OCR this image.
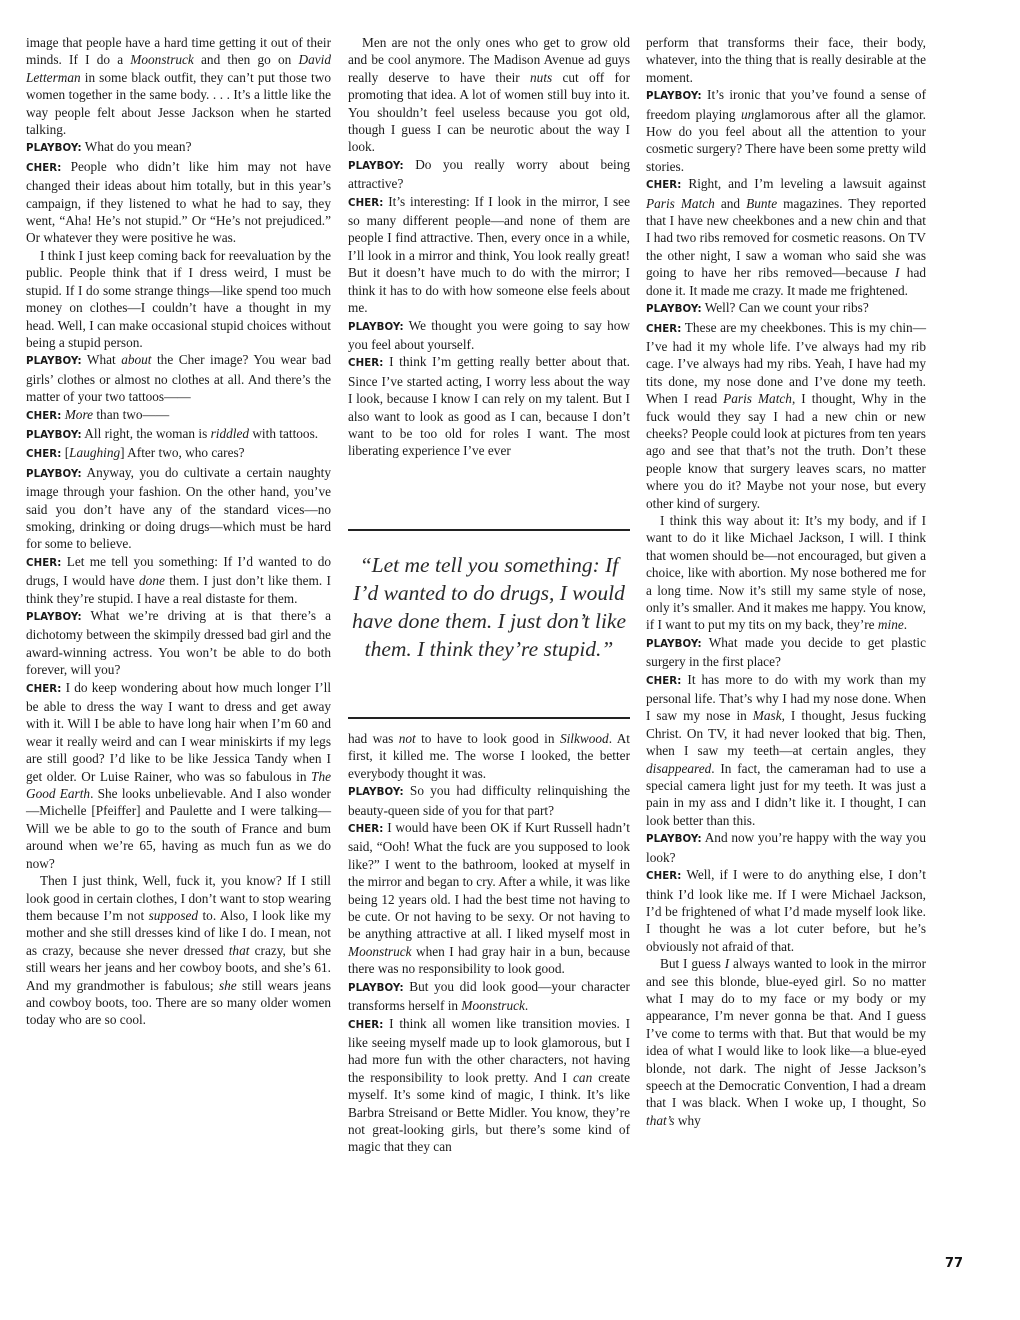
image that people have a hard time getting it out of their minds. If I do a Moonstruck and then go on David Letterman in some black outfit, they can’t put those two women together in the same body. . . . It’s a little like the way people felt about Jesse Jackson when he started talking.

PLAYBOY: What do you mean?

CHER: People who didn’t like him may not have changed their ideas about him totally, but in this year’s campaign, if they listened to what he had to say, they went, “Aha! He’s not stupid.” Or “He’s not prejudiced.” Or whatever they were positive he was.

I think I just keep coming back for reevaluation by the public. People think that if I dress weird, I must be stupid. If I do some strange things—like spend too much money on clothes—I couldn’t have a thought in my head. Well, I can make occasional stupid choices without being a stupid person.

PLAYBOY: What about the Cher image? You wear bad girls’ clothes or almost no clothes at all. And there’s the matter of your two tattoos——

CHER: More than two——

PLAYBOY: All right, the woman is riddled with tattoos.

CHER: [Laughing] After two, who cares?

PLAYBOY: Anyway, you do cultivate a certain naughty image through your fashion. On the other hand, you’ve said you don’t have any of the standard vices—no smoking, drinking or doing drugs—which must be hard for some to believe.

CHER: Let me tell you something: If I’d wanted to do drugs, I would have done them. I just don’t like them. I think they’re stupid. I have a real distaste for them.

PLAYBOY: What we’re driving at is that there’s a dichotomy between the skimpily dressed bad girl and the award-winning actress. You won’t be able to do both forever, will you?

CHER: I do keep wondering about how much longer I’ll be able to dress the way I want to dress and get away with it. Will I be able to have long hair when I’m 60 and wear it really weird and can I wear miniskirts if my legs are still good? I’d like to be like Jessica Tandy when I get older. Or Luise Rainer, who was so fabulous in The Good Earth. She looks unbelievable. And I also wonder—Michelle [Pfeiffer] and Paulette and I were talking—Will we be able to go to the south of France and bum around when we’re 65, having as much fun as we do now?

Then I just think, Well, fuck it, you know? If I still look good in certain clothes, I don’t want to stop wearing them because I’m not supposed to. Also, I look like my mother and she still dresses kind of like I do. I mean, not as crazy, because she never dressed that crazy, but she still wears her jeans and her cowboy boots, and she’s 61. And my grandmother is fabulous; she still wears jeans and cowboy boots, too. There are so many older women today who are so cool.

Men are not the only ones who get to grow old and be cool anymore. The Madison Avenue ad guys really deserve to have their nuts cut off for promoting that idea. A lot of women still buy into it. You shouldn’t feel useless because you got old, though I guess I can be neurotic about the way I look.

PLAYBOY: Do you really worry about being attractive?

CHER: It’s interesting: If I look in the mirror, I see so many different people—and none of them are people I find attractive. Then, every once in a while, I’ll look in a mirror and think, You look really great! But it doesn’t have much to do with the mirror; I think it has to do with how someone else feels about me.

PLAYBOY: We thought you were going to say how you feel about yourself.

CHER: I think I’m getting really better about that. Since I’ve started acting, I worry less about the way I look, because I know I can rely on my talent. But I also want to look as good as I can, because I don’t want to be too old for roles I want. The most liberating experience I’ve ever

“Let me tell you something: If I’d wanted to do drugs, I would have done them. I just don’t like them. I think they’re stupid.”

had was not to have to look good in Silkwood. At first, it killed me. The worse I looked, the better everybody thought it was.

PLAYBOY: So you had difficulty relinquishing the beauty-queen side of you for that part?

CHER: I would have been OK if Kurt Russell hadn’t said, “Ooh! What the fuck are you supposed to look like?” I went to the bathroom, looked at myself in the mirror and began to cry. After a while, it was like being 12 years old. I had the best time not having to be cute. Or not having to be sexy. Or not having to be anything attractive at all. I liked myself most in Moonstruck when I had gray hair in a bun, because there was no responsibility to look good.

PLAYBOY: But you did look good—your character transforms herself in Moonstruck.

CHER: I think all women like transition movies. I like seeing myself made up to look glamorous, but I had more fun with the other characters, not having the responsibility to look pretty. And I can create myself. It’s some kind of magic, I think. It’s like Barbra Streisand or Bette Midler. You know, they’re not great-looking girls, but there’s some kind of magic that they can

perform that transforms their face, their body, whatever, into the thing that is really desirable at the moment.

PLAYBOY: It’s ironic that you’ve found a sense of freedom playing unglamorous after all the glamor. How do you feel about all the attention to your cosmetic surgery? There have been some pretty wild stories.

CHER: Right, and I’m leveling a lawsuit against Paris Match and Bunte magazines. They reported that I have new cheekbones and a new chin and that I had two ribs removed for cosmetic reasons. On TV the other night, I saw a woman who said she was going to have her ribs removed—because I had done it. It made me crazy. It made me frightened.

PLAYBOY: Well? Can we count your ribs?

CHER: These are my cheekbones. This is my chin—I’ve had it my whole life. I’ve always had my rib cage. I’ve always had my ribs. Yeah, I have had my tits done, my nose done and I’ve done my teeth. When I read Paris Match, I thought, Why in the fuck would they say I had a new chin or new cheeks? People could look at pictures from ten years ago and see that that’s not the truth. Don’t these people know that surgery leaves scars, no matter where you do it? Maybe not your nose, but every other kind of surgery.

I think this way about it: It’s my body, and if I want to do it like Michael Jackson, I will. I think that women should be—not encouraged, but given a choice, like with abortion. My nose bothered me for a long time. Now it’s still my same style of nose, only it’s smaller. And it makes me happy. You know, if I want to put my tits on my back, they’re mine.

PLAYBOY: What made you decide to get plastic surgery in the first place?

CHER: It has more to do with my work than my personal life. That’s why I had my nose done. When I saw my nose in Mask, I thought, Jesus fucking Christ. On TV, it had never looked that big. Then, when I saw my teeth—at certain angles, they disappeared. In fact, the cameraman had to use a special camera light just for my teeth. It was just a pain in my ass and I didn’t like it. I thought, I can look better than this.

PLAYBOY: And now you’re happy with the way you look?

CHER: Well, if I were to do anything else, I don’t think I’d look like me. If I were Michael Jackson, I’d be frightened of what I’d made myself look like. I thought he was a lot cuter before, but he’s obviously not afraid of that.

But I guess I always wanted to look in the mirror and see this blonde, blue-eyed girl. So no matter what I may do to my face or my body or my appearance, I’m never gonna be that. And I guess I’ve come to terms with that. But that would be my idea of what I would like to look like—a blue-eyed blonde, not dark. The night of Jesse Jackson’s speech at the Democratic Convention, I had a dream that I was black. When I woke up, I thought, So that’s why

77
